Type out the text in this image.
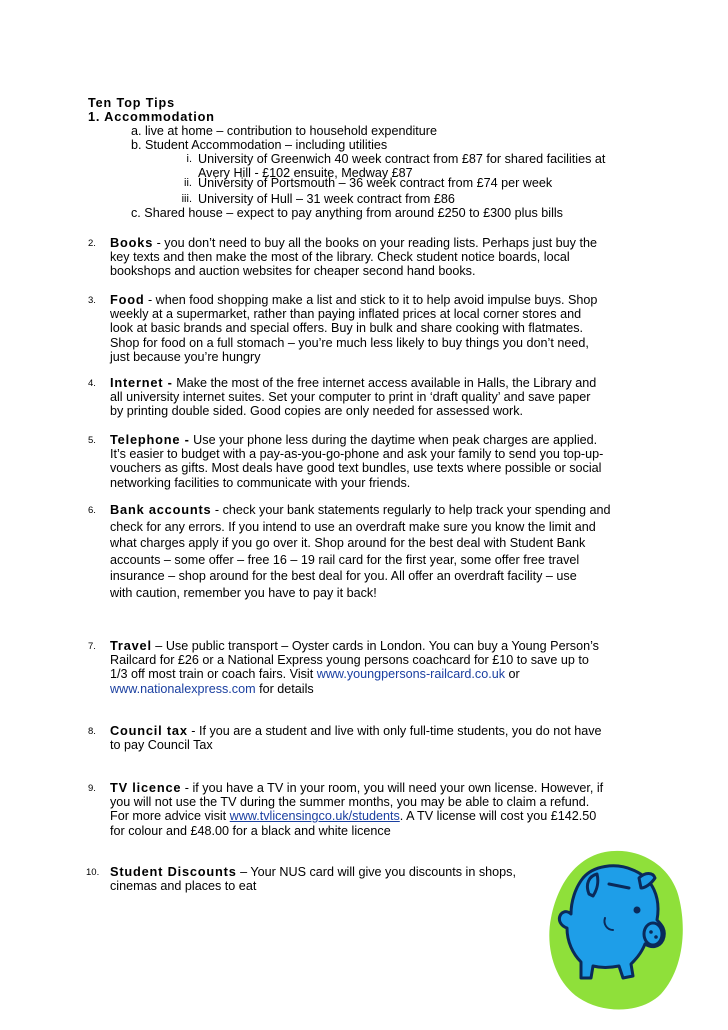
Ten Top Tips
1. Accommodation
a. live at home – contribution to household expenditure
b. Student Accommodation – including utilities
i. University of Greenwich 40 week contract from £87 for shared facilities at
Avery Hill - £102 ensuite, Medway £87
ii. University of Portsmouth – 36 week contract from £74 per week
iii. University of Hull – 31 week contract from £86
c. Shared house – expect to pay anything from around £250 to £300 plus bills
2. Books - you don’t need to buy all the books on your reading lists. Perhaps just buy the
key texts and then make the most of the library. Check student notice boards, local
bookshops and auction websites for cheaper second hand books.
3. Food - when food shopping make a list and stick to it to help avoid impulse buys. Shop
weekly at a supermarket, rather than paying inflated prices at local corner stores and
look at basic brands and special offers. Buy in bulk and share cooking with flatmates.
Shop for food on a full stomach – you’re much less likely to buy things you don’t need,
just because you’re hungry
4. Internet - Make the most of the free internet access available in Halls, the Library and
all university internet suites. Set your computer to print in ‘draft quality’ and save paper
by printing double sided. Good copies are only needed for assessed work.
5. Telephone - Use your phone less during the daytime when peak charges are applied.
It’s easier to budget with a pay-as-you-go-phone and ask your family to send you top-up-
vouchers as gifts. Most deals have good text bundles, use texts where possible or social
networking facilities to communicate with your friends.
6. Bank accounts - check your bank statements regularly to help track your spending and
check for any errors. If you intend to use an overdraft make sure you know the limit and
what charges apply if you go over it. Shop around for the best deal with Student Bank
accounts – some offer – free 16 – 19 rail card for the first year, some offer free travel
insurance – shop around for the best deal for you. All offer an overdraft facility – use
with caution, remember you have to pay it back!
7. Travel – Use public transport – Oyster cards in London. You can buy a Young Person’s
Railcard for £26 or a National Express young persons coachcard for £10 to save up to
1/3 off most train or coach fairs. Visit www.youngpersons-railcard.co.uk or
www.nationalexpress.com for details
8. Council tax - If you are a student and live with only full-time students, you do not have
to pay Council Tax
9. TV licence - if you have a TV in your room, you will need your own license. However, if
you will not use the TV during the summer months, you may be able to claim a refund.
For more advice visit www.tvlicensingco.uk/students. A TV license will cost you £142.50
for colour and £48.00 for a black and white licence
10. Student Discounts – Your NUS card will give you discounts in shops,
cinemas and places to eat
